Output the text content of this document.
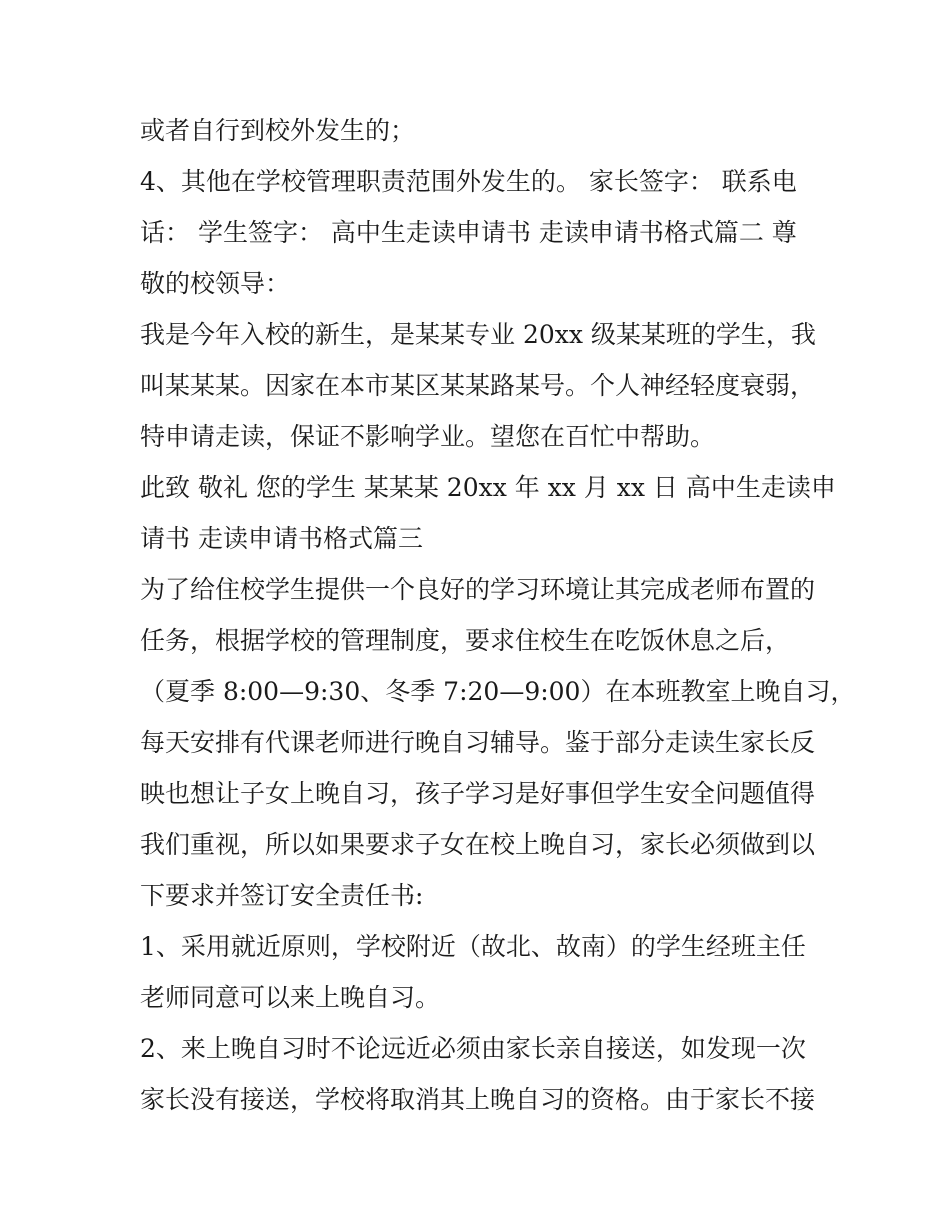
或者自行到校外发生的；
4、其他在学校管理职责范围外发生的。 家长签字： 联系电
话： 学生签字： 高中生走读申请书 走读申请书格式篇二 尊
敬的校领导：
我是今年入校的新生，是某某专业 20xx 级某某班的学生，我
叫某某某。因家在本市某区某某路某号。个人神经轻度衰弱，
特申请走读，保证不影响学业。望您在百忙中帮助。
此致 敬礼 您的学生 某某某 20xx 年 xx 月 xx 日 高中生走读申
请书 走读申请书格式篇三
为了给住校学生提供一个良好的学习环境让其完成老师布置的
任务，根据学校的管理制度，要求住校生在吃饭休息之后，
（夏季 8:00—9:30、冬季 7:20—9:00）在本班教室上晚自习，
每天安排有代课老师进行晚自习辅导。鉴于部分走读生家长反
映也想让子女上晚自习，孩子学习是好事但学生安全问题值得
我们重视，所以如果要求子女在校上晚自习，家长必须做到以
下要求并签订安全责任书:
1、采用就近原则，学校附近（故北、故南）的学生经班主任
老师同意可以来上晚自习。
2、来上晚自习时不论远近必须由家长亲自接送，如发现一次
家长没有接送，学校将取消其上晚自习的资格。由于家长不接
